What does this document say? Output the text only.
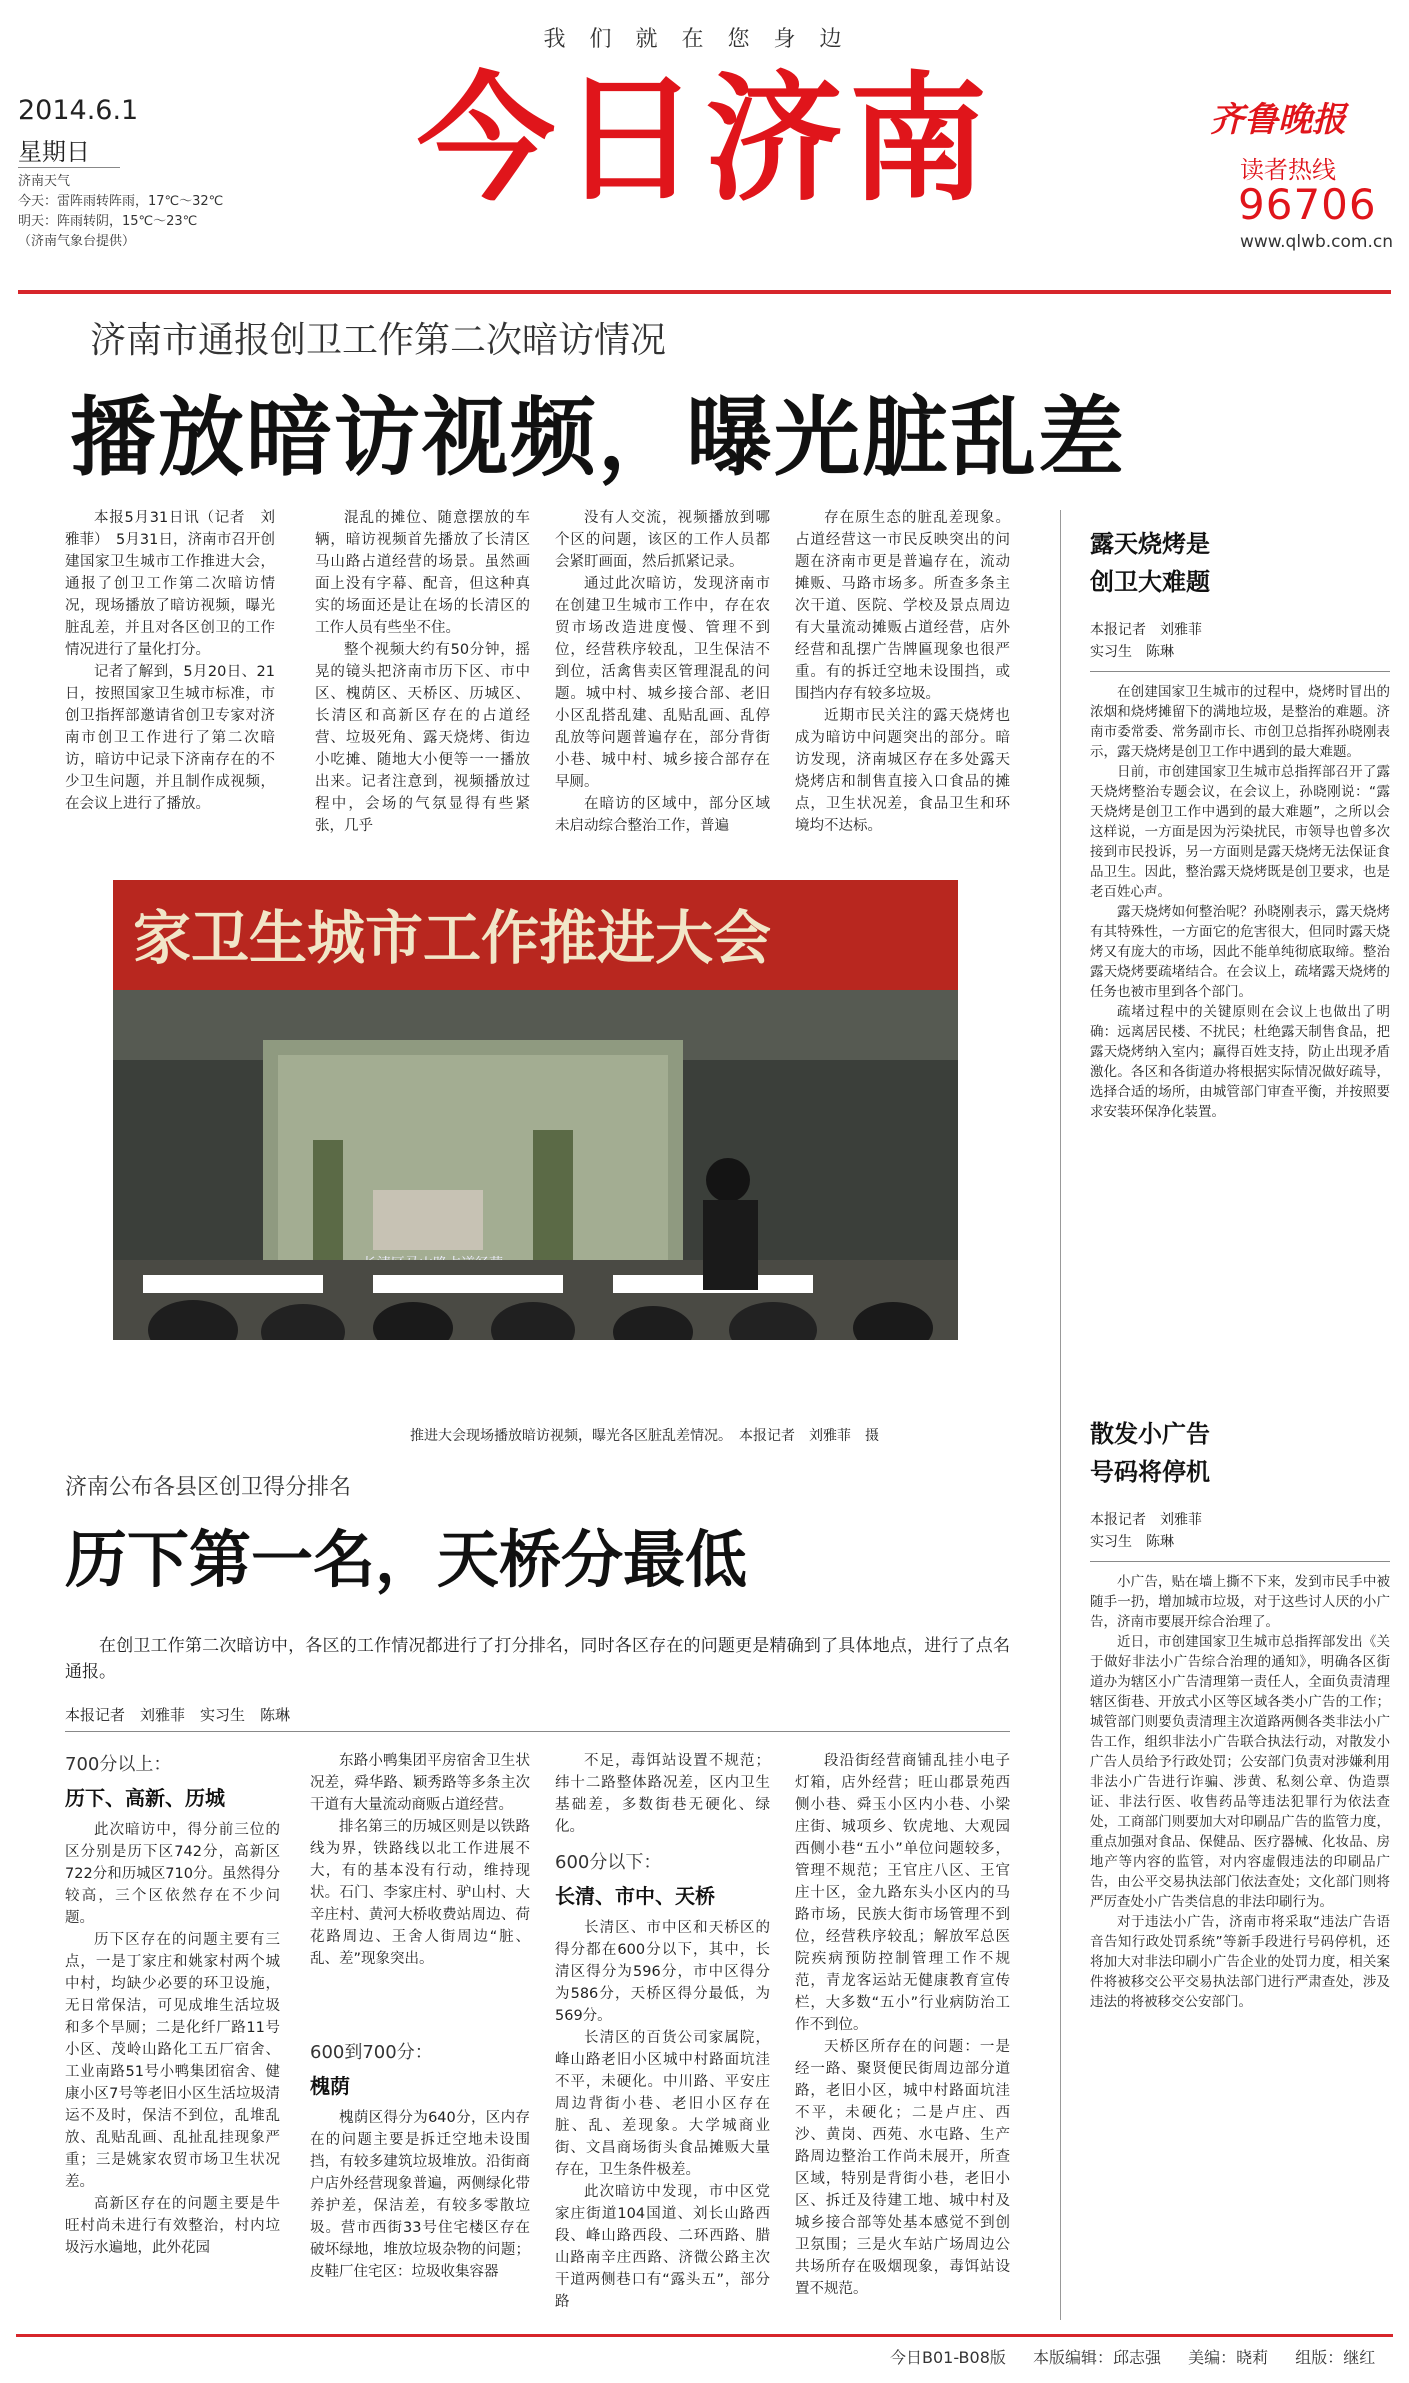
我们就在您身边
今日济南
2014.6.1
星期日
济南天气
今天：雷阵雨转阵雨，17℃～32℃
明天：阵雨转阴，15℃～23℃
（济南气象台提供）
齐鲁晚报
读者热线
96706
www.qlwb.com.cn
济南市通报创卫工作第二次暗访情况
播放暗访视频，曝光脏乱差

本报5月31日讯（记者　刘雅菲）　5月31日，济南市召开创建国家卫生城市工作推进大会，通报了创卫工作第二次暗访情况，现场播放了暗访视频，曝光脏乱差，并且对各区创卫的工作情况进行了量化打分。

记者了解到，5月20日、21日，按照国家卫生城市标准，市创卫指挥部邀请省创卫专家对济南市创卫工作进行了第二次暗访，暗访中记录下济南存在的不少卫生问题，并且制作成视频，在会议上进行了播放。

混乱的摊位、随意摆放的车辆，暗访视频首先播放了长清区马山路占道经营的场景。虽然画面上没有字幕、配音，但这种真实的场面还是让在场的长清区的工作人员有些坐不住。

整个视频大约有50分钟，摇晃的镜头把济南市历下区、市中区、槐荫区、天桥区、历城区、长清区和高新区存在的占道经营、垃圾死角、露天烧烤、街边小吃摊、随地大小便等一一播放出来。记者注意到，视频播放过程中，会场的气氛显得有些紧张，几乎

没有人交流，视频播放到哪个区的问题，该区的工作人员都会紧盯画面，然后抓紧记录。

通过此次暗访，发现济南市在创建卫生城市工作中，存在农贸市场改造进度慢、管理不到位，经营秩序较乱，卫生保洁不到位，活禽售卖区管理混乱的问题。城中村、城乡接合部、老旧小区乱搭乱建、乱贴乱画、乱停乱放等问题普遍存在，部分背街小巷、城中村、城乡接合部存在早厕。

在暗访的区域中，部分区域未启动综合整治工作，普遍

存在原生态的脏乱差现象。占道经营这一市民反映突出的问题在济南市更是普遍存在，流动摊贩、马路市场多。所查多条主次干道、医院、学校及景点周边有大量流动摊贩占道经营，店外经营和乱摆广告牌匾现象也很严重。有的拆迁空地未设围挡，或围挡内存有较多垃圾。

近期市民关注的露天烧烤也成为暗访中问题突出的部分。暗访发现，济南城区存在多处露天烧烤店和制售直接入口食品的摊点，卫生状况差，食品卫生和环境均不达标。

家卫生城市工作推进大会
推进大会现场播放暗访视频，曝光各区脏乱差情况。　本报记者　刘雅菲　摄
济南公布各县区创卫得分排名
历下第一名，天桥分最低

在创卫工作第二次暗访中，各区的工作情况都进行了打分排名，同时各区存在的问题更是精确到了具体地点，进行了点名通报。

本报记者　刘雅菲　实习生　陈琳
700分以上：
历下、高新、历城

此次暗访中，得分前三位的区分别是历下区742分，高新区722分和历城区710分。虽然得分较高，三个区依然存在不少问题。

历下区存在的问题主要有三点，一是丁家庄和姚家村两个城中村，均缺少必要的环卫设施，无日常保洁，可见成堆生活垃圾和多个旱厕；二是化纤厂路11号小区、茂岭山路化工五厂宿舍、工业南路51号小鸭集团宿舍、健康小区7号等老旧小区生活垃圾清运不及时，保洁不到位，乱堆乱放、乱贴乱画、乱扯乱挂现象严重；三是姚家农贸市场卫生状况差。

高新区存在的问题主要是牛旺村尚未进行有效整治，村内垃圾污水遍地，此外花园

东路小鸭集团平房宿舍卫生状况差，舜华路、颖秀路等多条主次干道有大量流动商贩占道经营。

排名第三的历城区则是以铁路线为界，铁路线以北工作进展不大，有的基本没有行动，维持现状。石门、李家庄村、驴山村、大辛庄村、黄河大桥收费站周边、荷花路周边、王舍人街周边“脏、乱、差”现象突出。

600到700分：
槐荫

槐荫区得分为640分，区内存在的问题主要是拆迁空地未设围挡，有较多建筑垃圾堆放。沿街商户店外经营现象普遍，两侧绿化带养护差，保洁差，有较多零散垃圾。营市西街33号住宅楼区存在破坏绿地，堆放垃圾杂物的问题；皮鞋厂住宅区：垃圾收集容器

不足，毒饵站设置不规范；纬十二路整体路况差，区内卫生基础差，多数街巷无硬化、绿化。

600分以下：
长清、市中、天桥

长清区、市中区和天桥区的得分都在600分以下，其中，长清区得分为596分，市中区得分为586分，天桥区得分最低，为569分。

长清区的百货公司家属院，峰山路老旧小区城中村路面坑洼不平，未硬化。中川路、平安庄周边背街小巷、老旧小区存在脏、乱、差现象。大学城商业街、文昌商场街头食品摊贩大量存在，卫生条件极差。

此次暗访中发现，市中区党家庄街道104国道、刘长山路西段、峰山路西段、二环西路、腊山路南辛庄西路、济微公路主次干道两侧巷口有“露头五”，部分路

段沿街经营商铺乱挂小电子灯箱，店外经营；旺山郡景苑西侧小巷、舜玉小区内小巷、小梁庄街、城项乡、钦虎地、大观园西侧小巷“五小”单位问题较多，管理不规范；王官庄八区、王官庄十区，金九路东头小区内的马路市场，民族大街市场管理不到位，经营秩序较乱；解放军总医院疾病预防控制管理工作不规范，青龙客运站无健康教育宣传栏，大多数“五小”行业病防治工作不到位。

天桥区所存在的问题：一是经一路、聚贤便民街周边部分道路，老旧小区，城中村路面坑洼不平，未硬化；二是卢庄、西沙、黄岗、西苑、水屯路、生产路周边整治工作尚未展开，所查区域，特别是背街小巷，老旧小区、拆迁及待建工地、城中村及城乡接合部等处基本感觉不到创卫氛围；三是火车站广场周边公共场所存在吸烟现象，毒饵站设置不规范。

露天烧烤是
创卫大难题
本报记者　刘雅菲
实习生　陈琳

在创建国家卫生城市的过程中，烧烤时冒出的浓烟和烧烤摊留下的满地垃圾，是整治的难题。济南市委常委、常务副市长、市创卫总指挥孙晓刚表示，露天烧烤是创卫工作中遇到的最大难题。

日前，市创建国家卫生城市总指挥部召开了露天烧烤整治专题会议，在会议上，孙晓刚说：“露天烧烤是创卫工作中遇到的最大难题”，之所以会这样说，一方面是因为污染扰民，市领导也曾多次接到市民投诉，另一方面则是露天烧烤无法保证食品卫生。因此，整治露天烧烤既是创卫要求，也是老百姓心声。

露天烧烤如何整治呢？孙晓刚表示，露天烧烤有其特殊性，一方面它的危害很大，但同时露天烧烤又有庞大的市场，因此不能单纯彻底取缔。整治露天烧烤要疏堵结合。在会议上，疏堵露天烧烤的任务也被市里到各个部门。

疏堵过程中的关键原则在会议上也做出了明确：远离居民楼、不扰民；杜绝露天制售食品，把露天烧烤纳入室内；赢得百姓支持，防止出现矛盾激化。各区和各街道办将根据实际情况做好疏导，选择合适的场所，由城管部门审查平衡，并按照要求安装环保净化装置。

散发小广告
号码将停机
本报记者　刘雅菲
实习生　陈琳

小广告，贴在墙上撕不下来，发到市民手中被随手一扔，增加城市垃圾，对于这些讨人厌的小广告，济南市要展开综合治理了。

近日，市创建国家卫生城市总指挥部发出《关于做好非法小广告综合治理的通知》，明确各区街道办为辖区小广告清理第一责任人，全面负责清理辖区街巷、开放式小区等区域各类小广告的工作；城管部门则要负责清理主次道路两侧各类非法小广告工作，组织非法小广告联合执法行动，对散发小广告人员给予行政处罚；公安部门负责对涉嫌利用非法小广告进行诈骗、涉黄、私刻公章、伪造票证、非法行医、收售药品等违法犯罪行为依法查处，工商部门则要加大对印刷品广告的监管力度，重点加强对食品、保健品、医疗器械、化妆品、房地产等内容的监管，对内容虚假违法的印刷品广告，由公平交易执法部门依法查处；文化部门则将严厉查处小广告类信息的非法印刷行为。

对于违法小广告，济南市将采取“违法广告语音告知行政处罚系统”等新手段进行号码停机，还将加大对非法印刷小广告企业的处罚力度，相关案件将被移交公平交易执法部门进行严肃查处，涉及违法的将被移交公安部门。

今日B01-B08版 本版编辑：邱志强 美编：晓莉 组版：继红
